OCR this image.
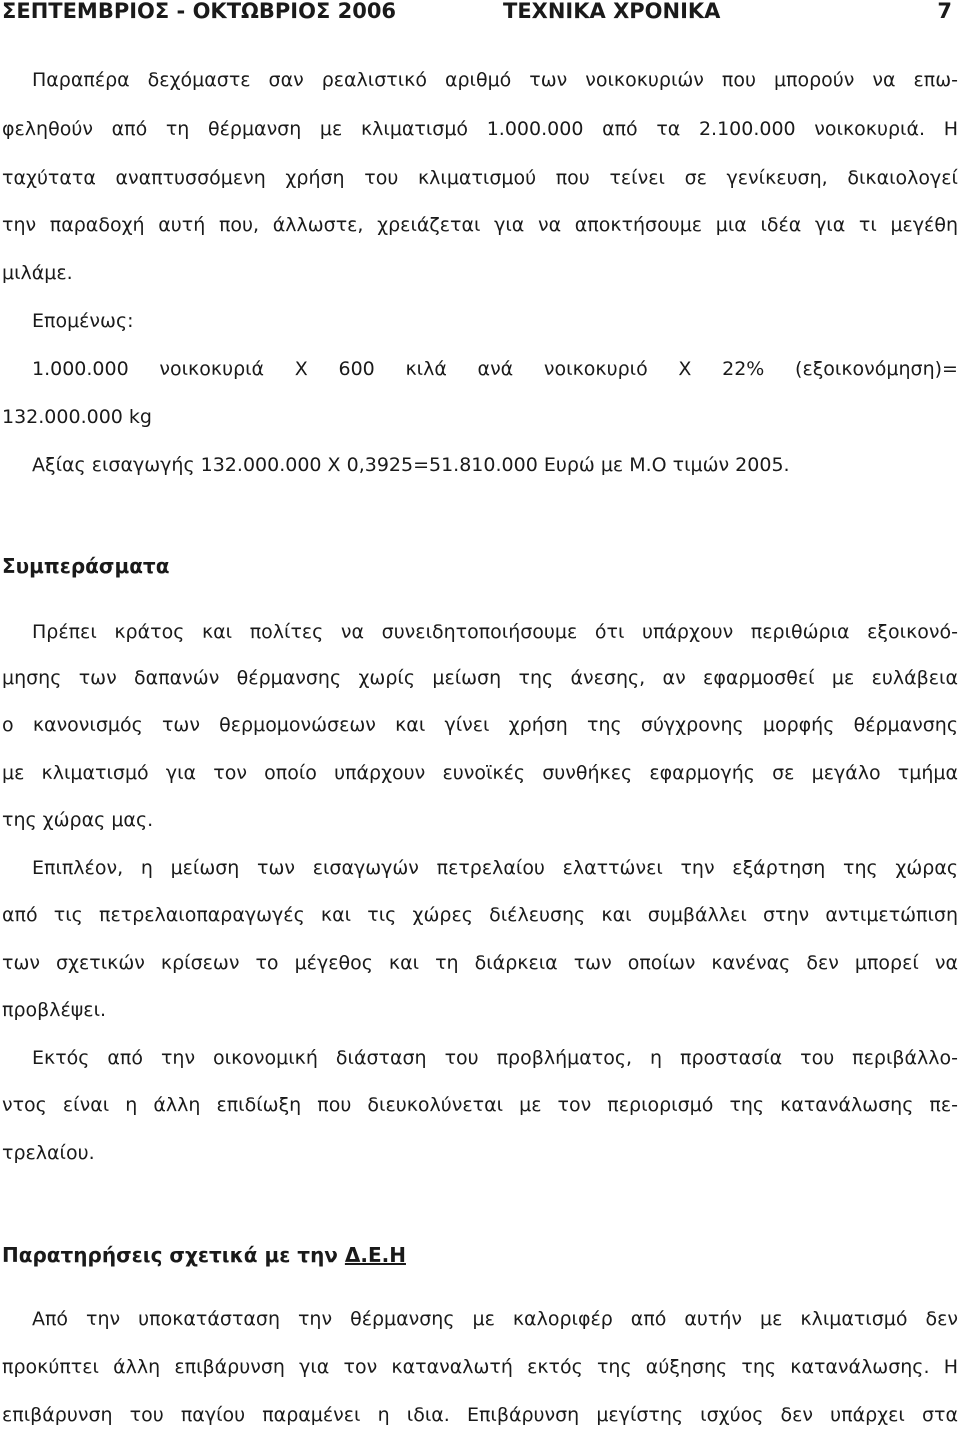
ΣΕΠΤΕΜΒΡΙΟΣ - ΟΚΤΩΒΡΙΟΣ 2006	ΤΕΧΝΙΚΑ ΧΡΟΝΙΚΑ	7
Παραπέρα δεχόμαστε σαν ρεαλιστικό αριθμό των νοικοκυριών που μπορούν να επω-
φεληθούν από τη θέρμανση με κλιματισμό 1.000.000 από τα 2.100.000 νοικοκυριά. Η
ταχύτατα αναπτυσσόμενη χρήση του κλιματισμού που τείνει σε γενίκευση, δικαιολογεί
την παραδοχή αυτή που, άλλωστε, χρειάζεται για να αποκτήσουμε μια ιδέα για τι μεγέθη
μιλάμε.
Επομένως:
1.000.000 νοικοκυριά Χ 600 κιλά ανά νοικοκυριό Χ 22% (εξοικονόμηση)=
132.000.000 kg
Αξίας εισαγωγής 132.000.000 Χ 0,3925=51.810.000 Ευρώ με Μ.Ο τιμών 2005.
Συμπεράσματα
Πρέπει κράτος και πολίτες να συνειδητοποιήσουμε ότι υπάρχουν περιθώρια εξοικονό-
μησης των δαπανών θέρμανσης χωρίς μείωση της άνεσης, αν εφαρμοσθεί με ευλάβεια
ο κανονισμός των θερμομονώσεων και γίνει χρήση της σύγχρονης μορφής θέρμανσης
με κλιματισμό για τον οποίο υπάρχουν ευνοϊκές συνθήκες εφαρμογής σε μεγάλο τμήμα
της χώρας μας.
Επιπλέον, η μείωση των εισαγωγών πετρελαίου ελαττώνει την εξάρτηση της χώρας
από τις πετρελαιοπαραγωγές και τις χώρες διέλευσης και συμβάλλει στην αντιμετώπιση
των σχετικών κρίσεων το μέγεθος και τη διάρκεια των οποίων κανένας δεν μπορεί να
προβλέψει.
Εκτός από την οικονομική διάσταση του προβλήματος, η προστασία του περιβάλλο-
ντος είναι η άλλη επιδίωξη που διευκολύνεται με τον περιορισμό της κατανάλωσης πε-
τρελαίου.
Παρατηρήσεις σχετικά με την Δ.Ε.Η
Από την υποκατάσταση την θέρμανσης με καλοριφέρ από αυτήν με κλιματισμό δεν
προκύπτει άλλη επιβάρυνση για τον καταναλωτή εκτός της αύξησης της κατανάλωσης. Η
επιβάρυνση του παγίου παραμένει η ιδια. Επιβάρυνση μεγίστης ισχύος δεν υπάρχει στα
